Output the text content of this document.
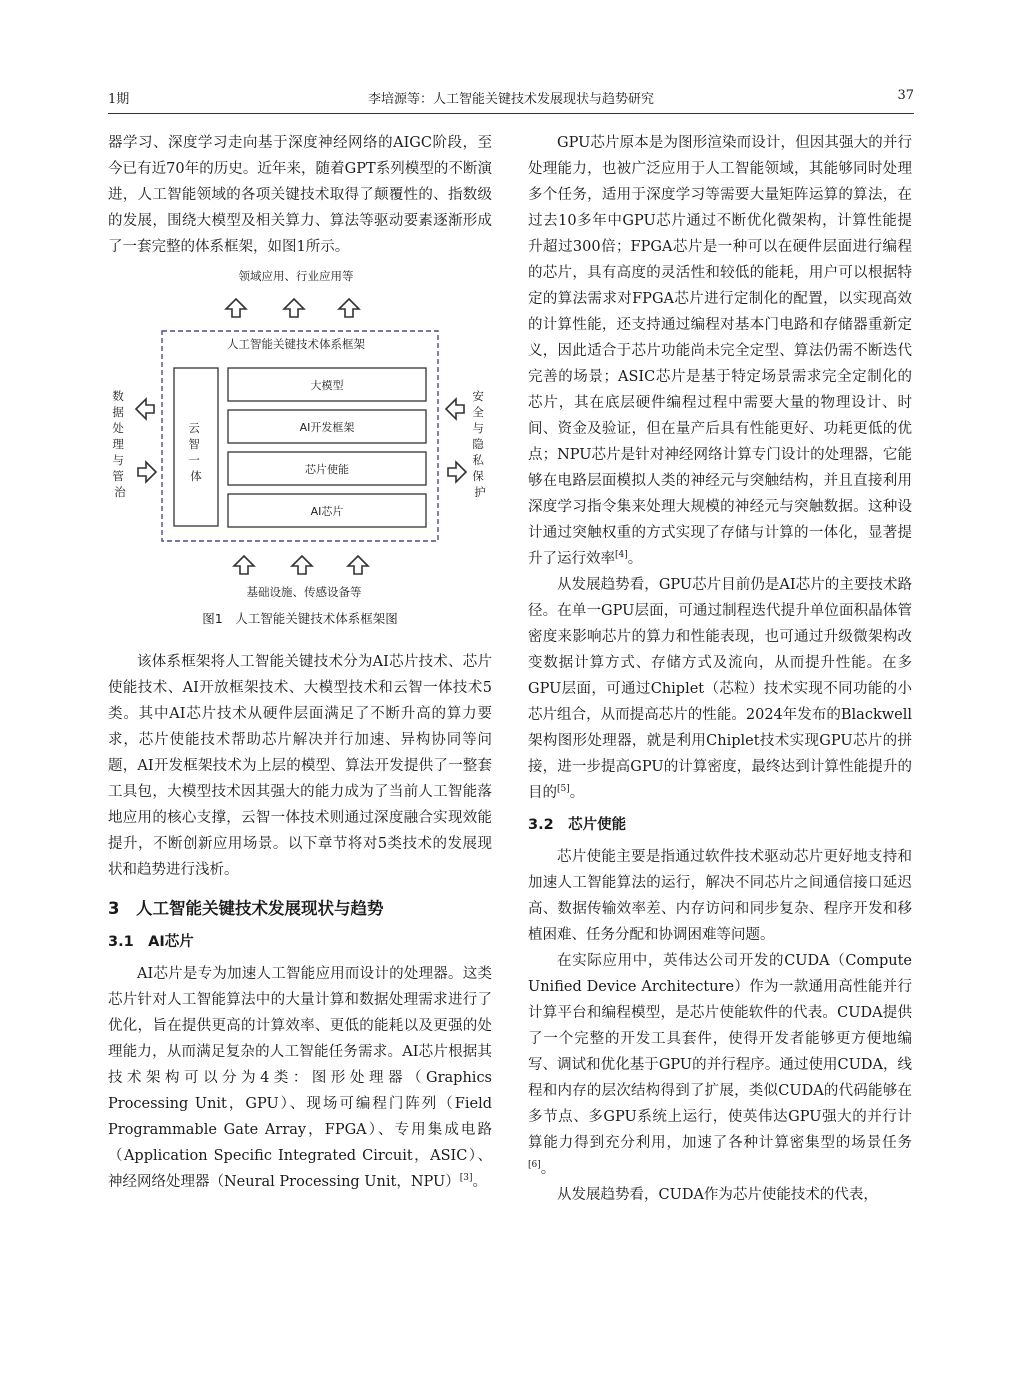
1期	李培源等：人工智能关键技术发展现状与趋势研究	37

器学习、深度学习走向基于深度神经网络的AIGC阶段，至今已有近70年的历史。近年来，随着GPT系列模型的不断演进，人工智能领域的各项关键技术取得了颠覆性的、指数级的发展，围绕大模型及相关算力、算法等驱动要素逐渐形成了一套完整的体系框架，如图1所示。

领域应用、行业应用等
人工智能关键技术体系框架
云 智 一 体
大模型
AI开发框架
芯片使能
AI芯片
数 据 处 理 与 管 治
安 全 与 隐 私 保 护
基础设施、传感设备等
图1　人工智能关键技术体系框架图

该体系框架将人工智能关键技术分为AI芯片技术、芯片使能技术、AI开放框架技术、大模型技术和云智一体技术5类。其中AI芯片技术从硬件层面满足了不断升高的算力要求，芯片使能技术帮助芯片解决并行加速、异构协同等问题，AI开发框架技术为上层的模型、算法开发提供了一整套工具包，大模型技术因其强大的能力成为了当前人工智能落地应用的核心支撑，云智一体技术则通过深度融合实现效能提升，不断创新应用场景。以下章节将对5类技术的发展现状和趋势进行浅析。

3　人工智能关键技术发展现状与趋势
3.1　AI芯片

AI芯片是专为加速人工智能应用而设计的处理器。这类芯片针对人工智能算法中的大量计算和数据处理需求进行了优化，旨在提供更高的计算效率、更低的能耗以及更强的处理能力，从而满足复杂的人工智能任务需求。AI芯片根据其技术架构可以分为4类：图形处理器（Graphics Processing Unit，GPU）、现场可编程门阵列（Field Programmable Gate Array，FPGA）、专用集成电路（Application Specific Integrated Circuit，ASIC）、神经网络处理器（Neural Processing Unit，NPU）[3]。

GPU芯片原本是为图形渲染而设计，但因其强大的并行处理能力，也被广泛应用于人工智能领域，其能够同时处理多个任务，适用于深度学习等需要大量矩阵运算的算法，在过去10多年中GPU芯片通过不断优化微架构，计算性能提升超过300倍；FPGA芯片是一种可以在硬件层面进行编程的芯片，具有高度的灵活性和较低的能耗，用户可以根据特定的算法需求对FPGA芯片进行定制化的配置，以实现高效的计算性能，还支持通过编程对基本门电路和存储器重新定义，因此适合于芯片功能尚未完全定型、算法仍需不断迭代完善的场景；ASIC芯片是基于特定场景需求完全定制化的芯片，其在底层硬件编程过程中需要大量的物理设计、时间、资金及验证，但在量产后具有性能更好、功耗更低的优点；NPU芯片是针对神经网络计算专门设计的处理器，它能够在电路层面模拟人类的神经元与突触结构，并且直接利用深度学习指令集来处理大规模的神经元与突触数据。这种设计通过突触权重的方式实现了存储与计算的一体化，显著提升了运行效率[4]。

从发展趋势看，GPU芯片目前仍是AI芯片的主要技术路径。在单一GPU层面，可通过制程迭代提升单位面积晶体管密度来影响芯片的算力和性能表现，也可通过升级微架构改变数据计算方式、存储方式及流向，从而提升性能。在多GPU层面，可通过Chiplet（芯粒）技术实现不同功能的小芯片组合，从而提高芯片的性能。2024年发布的Blackwell架构图形处理器，就是利用Chiplet技术实现GPU芯片的拼接，进一步提高GPU的计算密度，最终达到计算性能提升的目的[5]。

3.2　芯片使能

芯片使能主要是指通过软件技术驱动芯片更好地支持和加速人工智能算法的运行，解决不同芯片之间通信接口延迟高、数据传输效率差、内存访问和同步复杂、程序开发和移植困难、任务分配和协调困难等问题。

在实际应用中，英伟达公司开发的CUDA（Compute Unified Device Architecture）作为一款通用高性能并行计算平台和编程模型，是芯片使能软件的代表。CUDA提供了一个完整的开发工具套件，使得开发者能够更方便地编写、调试和优化基于GPU的并行程序。通过使用CUDA，线程和内存的层次结构得到了扩展，类似CUDA的代码能够在多节点、多GPU系统上运行，使英伟达GPU强大的并行计算能力得到充分利用，加速了各种计算密集型的场景任务[6]。

从发展趋势看，CUDA作为芯片使能技术的代表，
